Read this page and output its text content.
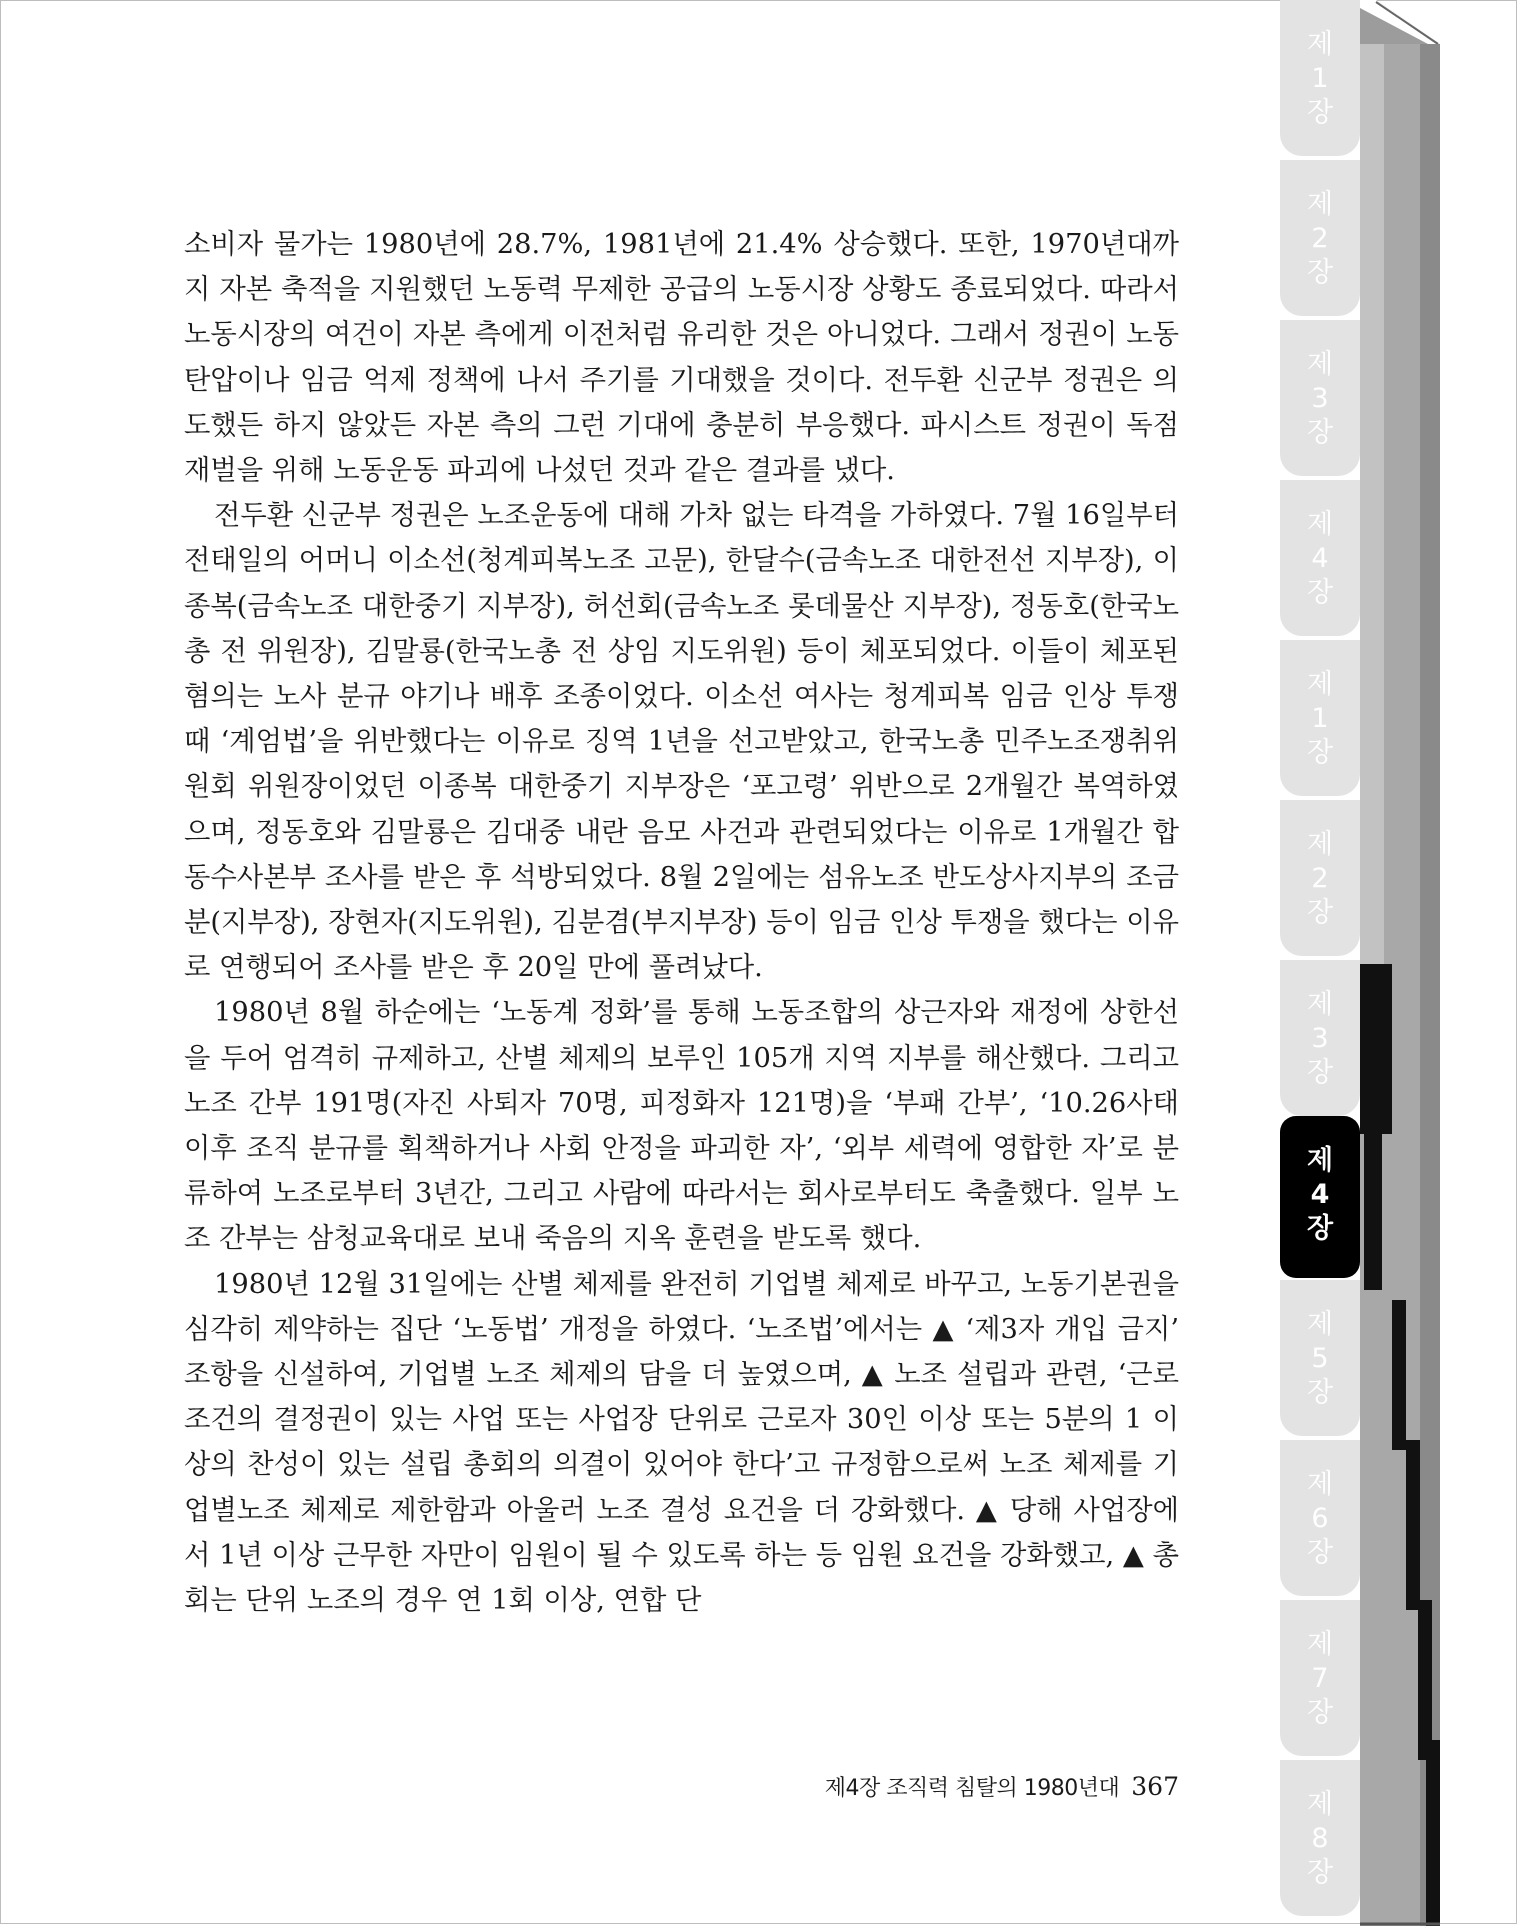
제
1
장
제
2
장
제
3
장
제
4
장
제
1
장
제
2
장
제
3
장
제
4
장
제
5
장
제
6
장
제
7
장
제
8
장

소비자 물가는 1980년에 28.7%, 1981년에 21.4% 상승했다. 또한, 1970년대까지 자본 축적을 지원했던 노동력 무제한 공급의 노동시장 상황도 종료되었다. 따라서 노동시장의 여건이 자본 측에게 이전처럼 유리한 것은 아니었다. 그래서 정권이 노동 탄압이나 임금 억제 정책에 나서 주기를 기대했을 것이다. 전두환 신군부 정권은 의도했든 하지 않았든 자본 측의 그런 기대에 충분히 부응했다. 파시스트 정권이 독점 재벌을 위해 노동운동 파괴에 나섰던 것과 같은 결과를 냈다.

전두환 신군부 정권은 노조운동에 대해 가차 없는 타격을 가하였다. 7월 16일부터 전태일의 어머니 이소선(청계피복노조 고문), 한달수(금속노조 대한전선 지부장), 이종복(금속노조 대한중기 지부장), 허선회(금속노조 롯데물산 지부장), 정동호(한국노총 전 위원장), 김말룡(한국노총 전 상임 지도위원) 등이 체포되었다. 이들이 체포된 혐의는 노사 분규 야기나 배후 조종이었다. 이소선 여사는 청계피복 임금 인상 투쟁 때 ‘계엄법’을 위반했다는 이유로 징역 1년을 선고받았고, 한국노총 민주노조쟁취위원회 위원장이었던 이종복 대한중기 지부장은 ‘포고령’ 위반으로 2개월간 복역하였으며, 정동호와 김말룡은 김대중 내란 음모 사건과 관련되었다는 이유로 1개월간 합동수사본부 조사를 받은 후 석방되었다. 8월 2일에는 섬유노조 반도상사지부의 조금분(지부장), 장현자(지도위원), 김분겸(부지부장) 등이 임금 인상 투쟁을 했다는 이유로 연행되어 조사를 받은 후 20일 만에 풀려났다.

1980년 8월 하순에는 ‘노동계 정화’를 통해 노동조합의 상근자와 재정에 상한선을 두어 엄격히 규제하고, 산별 체제의 보루인 105개 지역 지부를 해산했다. 그리고 노조 간부 191명(자진 사퇴자 70명, 피정화자 121명)을 ‘부패 간부’, ‘10.26사태 이후 조직 분규를 획책하거나 사회 안정을 파괴한 자’, ‘외부 세력에 영합한 자’로 분류하여 노조로부터 3년간, 그리고 사람에 따라서는 회사로부터도 축출했다. 일부 노조 간부는 삼청교육대로 보내 죽음의 지옥 훈련을 받도록 했다.

1980년 12월 31일에는 산별 체제를 완전히 기업별 체제로 바꾸고, 노동기본권을 심각히 제약하는 집단 ‘노동법’ 개정을 하였다. ‘노조법’에서는 ▲ ‘제3자 개입 금지’ 조항을 신설하여, 기업별 노조 체제의 담을 더 높였으며, ▲ 노조 설립과 관련, ‘근로조건의 결정권이 있는 사업 또는 사업장 단위로 근로자 30인 이상 또는 5분의 1 이상의 찬성이 있는 설립 총회의 의결이 있어야 한다’고 규정함으로써 노조 체제를 기업별노조 체제로 제한함과 아울러 노조 결성 요건을 더 강화했다. ▲ 당해 사업장에서 1년 이상 근무한 자만이 임원이 될 수 있도록 하는 등 임원 요건을 강화했고, ▲ 총회는 단위 노조의 경우 연 1회 이상, 연합 단

제4장 조직력 침탈의 1980년대 367
